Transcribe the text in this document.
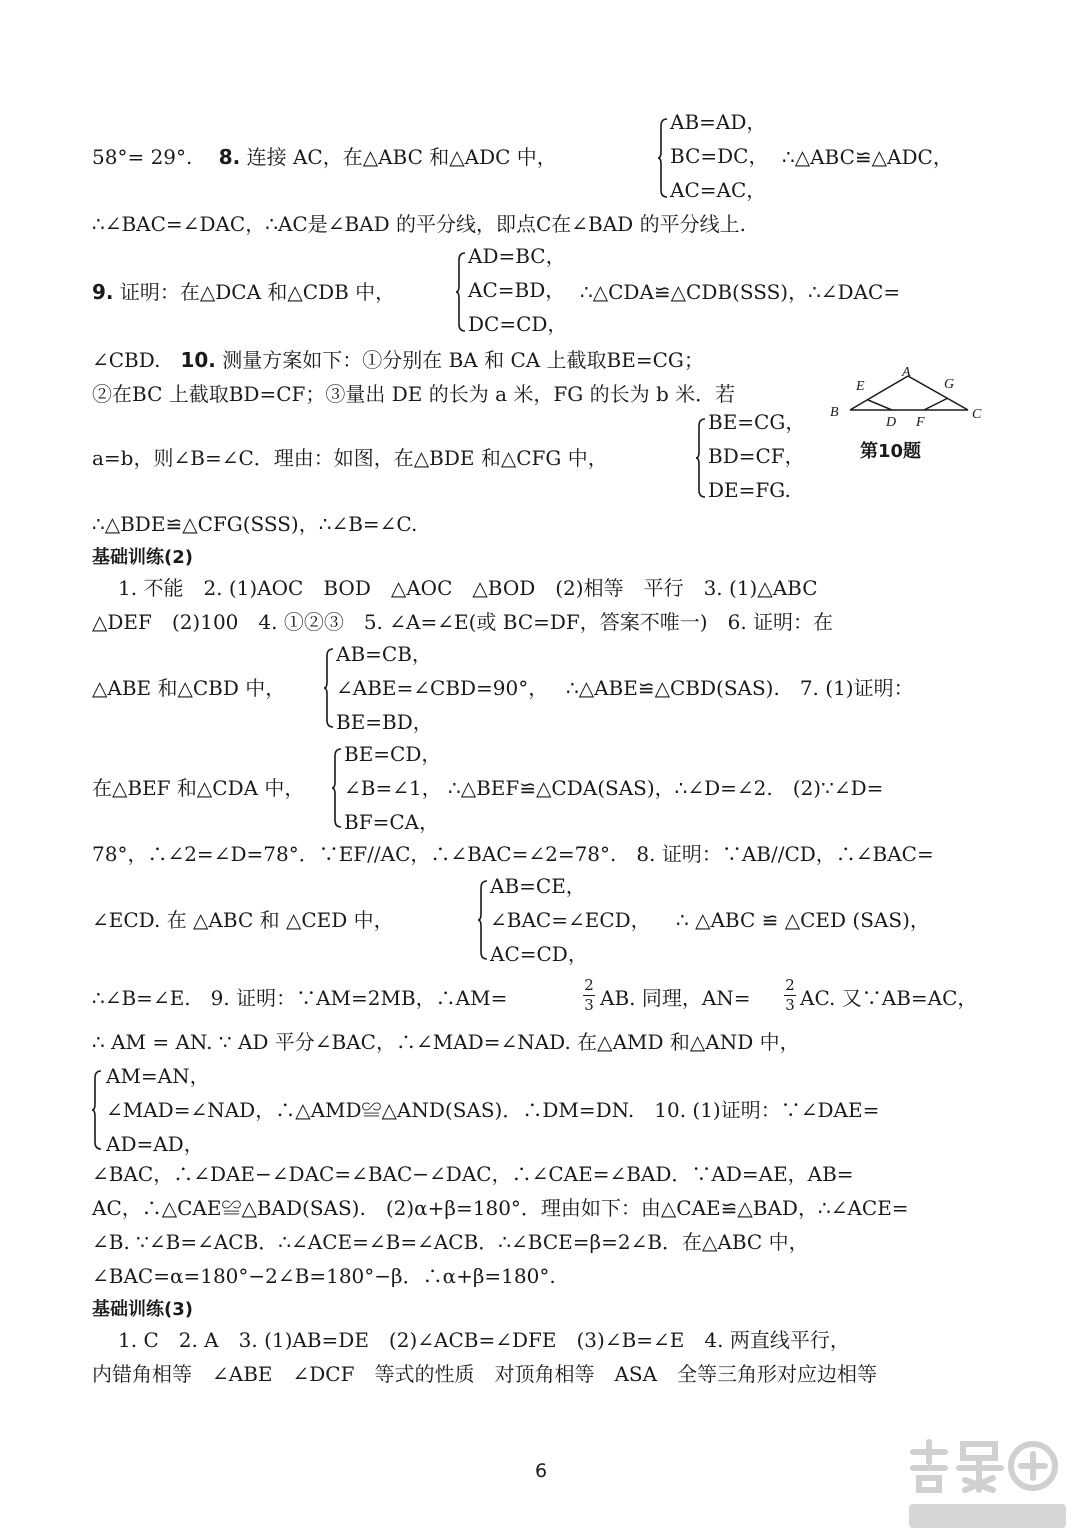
58°= 29°.　 8. 连接 AC，在△ABC 和△ADC 中，
AB=AD，
BC=DC，
AC=AC，
∴△ABC≌△ADC，
∴∠BAC=∠DAC，∴AC是∠BAD 的平分线，即点C在∠BAD 的平分线上.
9. 证明：在△DCA 和△CDB 中，
AD=BC，
AC=BD，
DC=CD，
∴△CDA≌△CDB(SSS)，∴∠DAC=
∠CBD.　10. 测量方案如下：①分别在 BA 和 CA 上截取BE=CG；
②在BC 上截取BD=CF；③量出 DE 的长为 a 米，FG 的长为 b 米．若
a=b，则∠B=∠C．理由：如图，在△BDE 和△CFG 中，
BE=CG，
BD=CF，
DE=FG.
A
B	C
D
E
F
G
第10题
∴△BDE≌△CFG(SSS)，∴∠B=∠C.
基础训练(2)
1. 不能　2. (1)AOC　BOD　△AOC　△BOD　(2)相等　平行　3. (1)△ABC
△DEF　(2)100　4. ①②③　5. ∠A=∠E(或 BC=DF，答案不唯一)　6. 证明：在
△ABE 和△CBD 中，
AB=CB，
∠ABE=∠CBD=90°，
BE=BD，
∴△ABE≌△CBD(SAS).　7. (1)证明：
在△BEF 和△CDA 中，
BE=CD，
∠B=∠1，
BF=CA，
∴△BEF≌△CDA(SAS)，∴∠D=∠2.　(2)∵∠D=
78°，∴∠2=∠D=78°．∵EF//AC，∴∠BAC=∠2=78°.　8. 证明：∵AB//CD，∴∠BAC=
∠ECD. 在 △ABC 和 △CED 中，
AB=CE，
∠BAC=∠ECD，
AC=CD，
∴ △ABC ≌ △CED (SAS)，
∴∠B=∠E.　9. 证明：∵AM=2MB，∴AM=
2
3 AB. 同理，AN=
2
3 AC. 又∵AB=AC，
∴ AM = AN. ∵ AD 平分∠BAC，∴∠MAD=∠NAD. 在△AMD 和△AND 中，
AM=AN，
∠MAD=∠NAD，∴△AMD≌△AND(SAS)．∴DM=DN.　10. (1)证明：∵∠DAE=
AD=AD，
∠BAC，∴∠DAE−∠DAC=∠BAC−∠DAC，∴∠CAE=∠BAD．∵AD=AE，AB=
AC，∴△CAE≌△BAD(SAS).　(2)α+β=180°．理由如下：由△CAE≌△BAD，∴∠ACE=
∠B. ∵∠B=∠ACB．∴∠ACE=∠B=∠ACB．∴∠BCE=β=2∠B．在△ABC 中，
∠BAC=α=180°−2∠B=180°−β．∴α+β=180°.
基础训练(3)
1. C　2. A　3. (1)AB=DE　(2)∠ACB=∠DFE　(3)∠B=∠E　4. 两直线平行，
内错角相等　∠ABE　∠DCF　等式的性质　对顶角相等　ASA　全等三角形对应边相等
6
